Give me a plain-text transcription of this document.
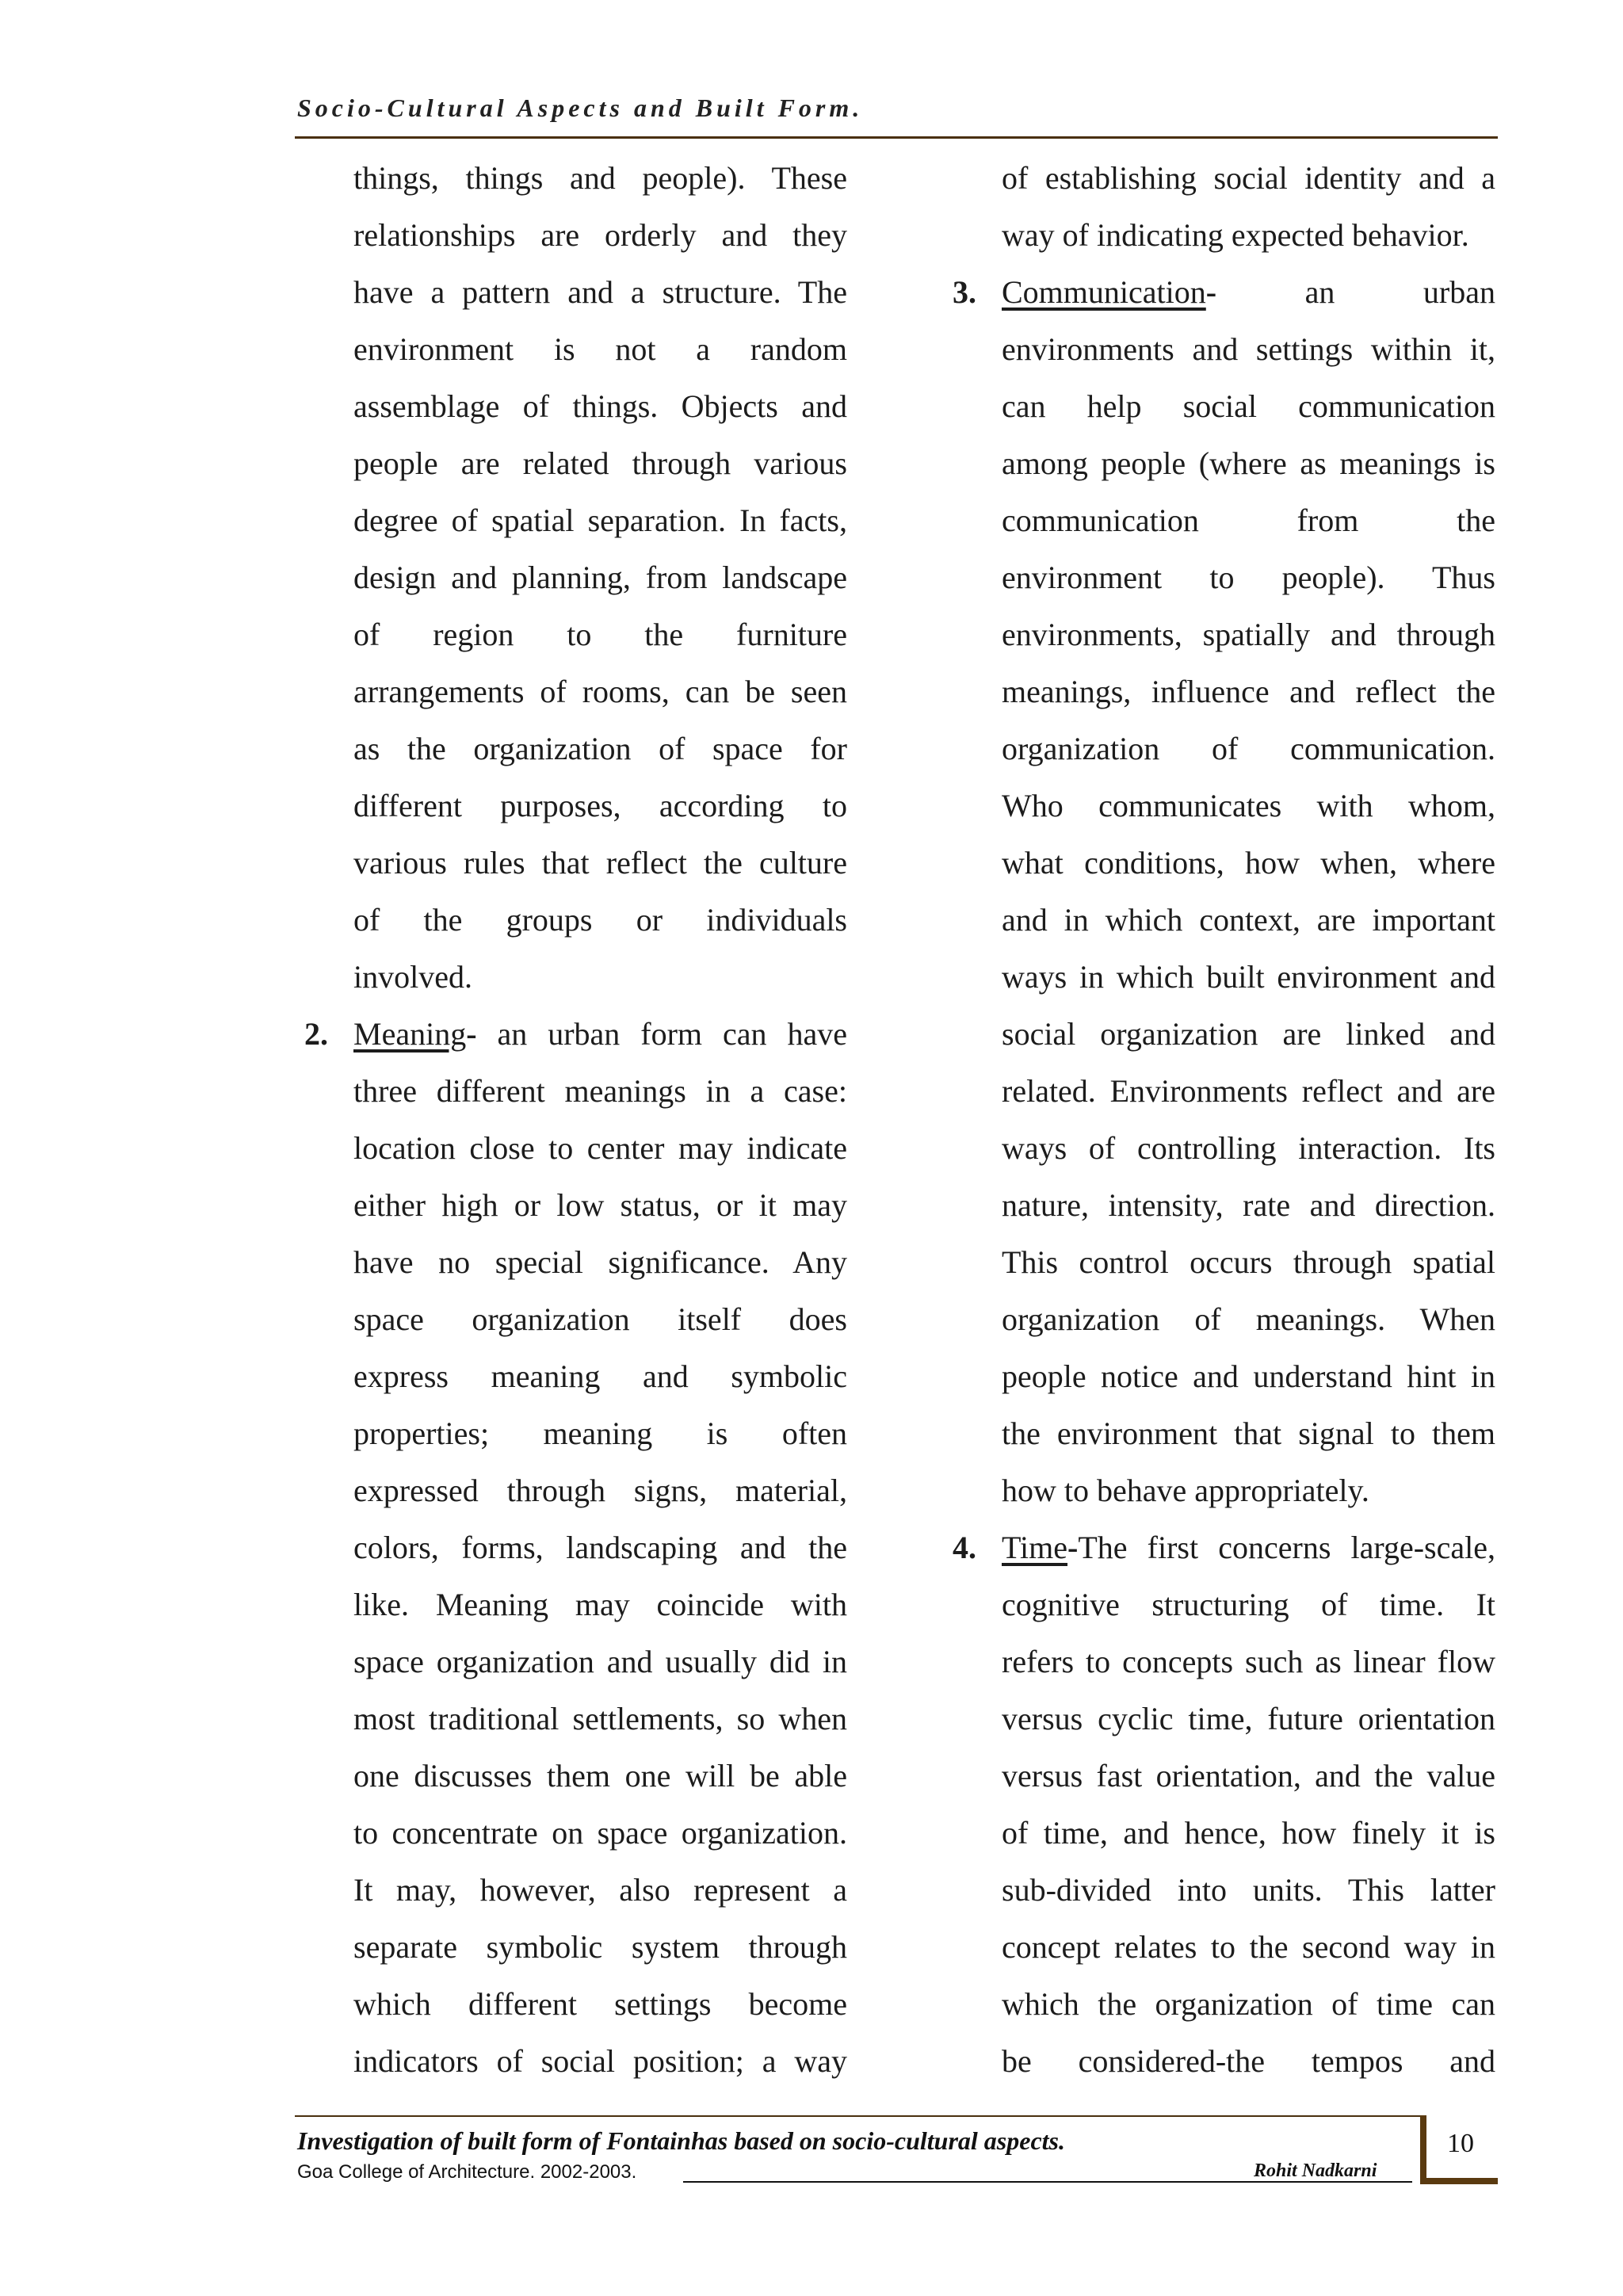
Socio-Cultural Aspects and Built Form.
things, things and people). These
relationships are orderly and they
have a pattern and a structure. The
environment is not a random
assemblage of things. Objects and
people are related through various
degree of spatial separation. In facts,
design and planning, from landscape
of region to the furniture
arrangements of rooms, can be seen
as the organization of space for
different purposes, according to
various rules that reflect the culture
of the groups or individuals
involved.
2. Meaning- an urban form can have
three different meanings in a case:
location close to center may indicate
either high or low status, or it may
have no special significance. Any
space organization itself does
express meaning and symbolic
properties; meaning is often
expressed through signs, material,
colors, forms, landscaping and the
like. Meaning may coincide with
space organization and usually did in
most traditional settlements, so when
one discusses them one will be able
to concentrate on space organization.
It may, however, also represent a
separate symbolic system through
which different settings become
indicators of social position; a way
of establishing social identity and a
way of indicating expected behavior.
3. Communication- an urban
environments and settings within it,
can help social communication
among people (where as meanings is
communication from the
environment to people). Thus
environments, spatially and through
meanings, influence and reflect the
organization of communication.
Who communicates with whom,
what conditions, how when, where
and in which context, are important
ways in which built environment and
social organization are linked and
related. Environments reflect and are
ways of controlling interaction. Its
nature, intensity, rate and direction.
This control occurs through spatial
organization of meanings. When
people notice and understand hint in
the environment that signal to them
how to behave appropriately.
4. Time-The first concerns large-scale,
cognitive structuring of time. It
refers to concepts such as linear flow
versus cyclic time, future orientation
versus fast orientation, and the value
of time, and hence, how finely it is
sub-divided into units. This latter
concept relates to the second way in
which the organization of time can
be considered-the tempos and
Investigation of built form of Fontainhas based on socio-cultural aspects.
Goa College of Architecture. 2002-2003.	Rohit Nadkarni
10
